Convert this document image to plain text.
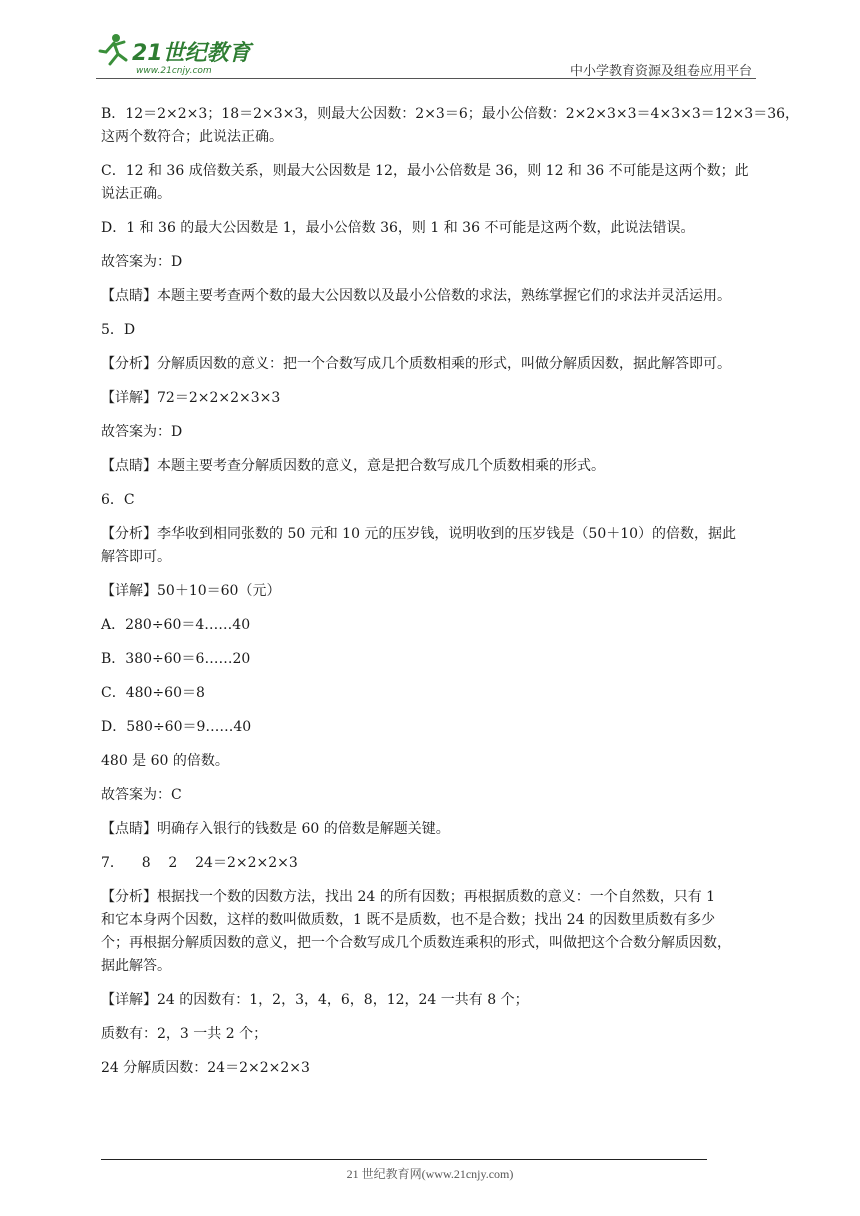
21世纪教育
www.21cnjy.com	中小学教育资源及组卷应用平台
B．12＝2×2×3；18＝2×3×3，则最大公因数：2×3＝6；最小公倍数：2×2×3×3＝4×3×3＝12×3＝36，
这两个数符合；此说法正确。
C．12 和 36 成倍数关系，则最大公因数是 12，最小公倍数是 36，则 12 和 36 不可能是这两个数；此
说法正确。
D．1 和 36 的最大公因数是 1，最小公倍数 36，则 1 和 36 不可能是这两个数，此说法错误。
故答案为：D
【点睛】本题主要考查两个数的最大公因数以及最小公倍数的求法，熟练掌握它们的求法并灵活运用。
5．D
【分析】分解质因数的意义：把一个合数写成几个质数相乘的形式，叫做分解质因数，据此解答即可。
【详解】72＝2×2×2×3×3
故答案为：D
【点睛】本题主要考查分解质因数的意义，意是把合数写成几个质数相乘的形式。
6．C
【分析】李华收到相同张数的 50 元和 10 元的压岁钱，说明收到的压岁钱是（50＋10）的倍数，据此
解答即可。
【详解】50＋10＝60（元）
A．280÷60＝4……40
B．380÷60＝6……20
C．480÷60＝8
D．580÷60＝9……40
480 是 60 的倍数。
故答案为：C
【点睛】明确存入银行的钱数是 60 的倍数是解题关键。
7．    8    2    24＝2×2×2×3
【分析】根据找一个数的因数方法，找出 24 的所有因数；再根据质数的意义：一个自然数，只有 1
和它本身两个因数，这样的数叫做质数，1 既不是质数，也不是合数；找出 24 的因数里质数有多少
个；再根据分解质因数的意义，把一个合数写成几个质数连乘积的形式，叫做把这个合数分解质因数，
据此解答。
【详解】24 的因数有：1，2，3，4，6，8，12，24 一共有 8 个；
质数有：2，3 一共 2 个；
24 分解质因数：24＝2×2×2×3
21 世纪教育网(www.21cnjy.com)
